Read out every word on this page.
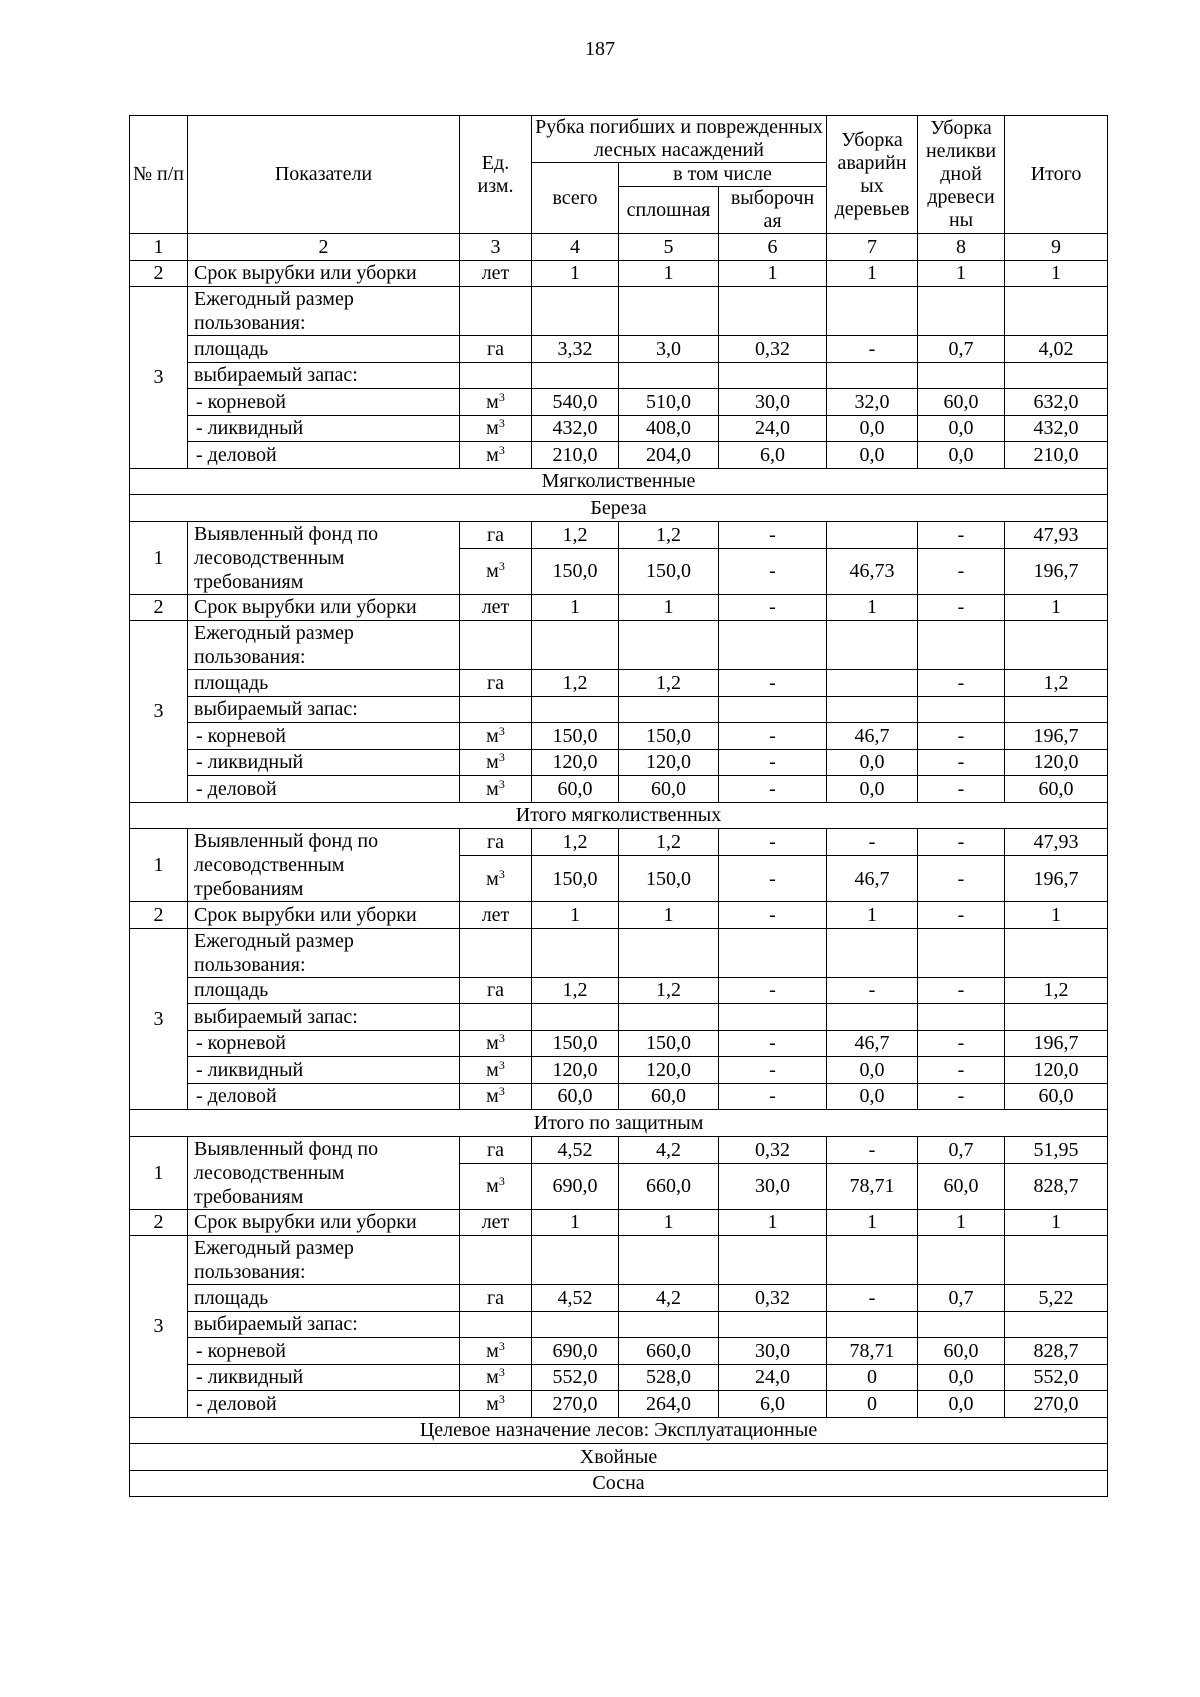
187
№ п/п	Показатели	Ед. изм.	Рубка погибших и поврежденных лесных насаждений			Уборка аварийн ых деревьев	Уборка неликви дной древеси ны	Итого
			всего	в том числе				
				сплошная	выборочн ая			
1	2	3	4	5	6	7	8	9
2	Срок вырубки или уборки	лет	1	1	1	1	1	1
3	Ежегодный размер пользования:							
	площадь	га	3,32	3,0	0,32	-	0,7	4,02
	выбираемый запас:							
	- корневой	$м^3$	540,0	510,0	30,0	32,0	60,0	632,0
	- ликвидный	$м^3$	432,0	408,0	24,0	0,0	0,0	432,0
	- деловой	$м^3$	210,0	204,0	6,0	0,0	0,0	210,0
Мягколиственные								
Береза								
1	Выявленный фонд по лесоводственным требованиям	га	1,2	1,2	-		-	47,93
		$м^3$	150,0	150,0	-	46,73	-	196,7
2	Срок вырубки или уборки	лет	1	1	-	1	-	1
3	Ежегодный размер пользования:							
	площадь	га	1,2	1,2	-		-	1,2
	выбираемый запас:							
	- корневой	$м^3$	150,0	150,0	-	46,7	-	196,7
	- ликвидный	$м^3$	120,0	120,0	-	0,0	-	120,0
	- деловой	$м^3$	60,0	60,0	-	0,0	-	60,0
Итого мягколиственных								
1	Выявленный фонд по лесоводственным требованиям	га	1,2	1,2	-	-	-	47,93
		$м^3$	150,0	150,0	-	46,7	-	196,7
2	Срок вырубки или уборки	лет	1	1	-	1	-	1
3	Ежегодный размер пользования:							
	площадь	га	1,2	1,2	-	-	-	1,2
	выбираемый запас:							
	- корневой	$м^3$	150,0	150,0	-	46,7	-	196,7
	- ликвидный	$м^3$	120,0	120,0	-	0,0	-	120,0
	- деловой	$м^3$	60,0	60,0	-	0,0	-	60,0
Итого по защитным								
1	Выявленный фонд по лесоводственным требованиям	га	4,52	4,2	0,32	-	0,7	51,95
		$м^3$	690,0	660,0	30,0	78,71	60,0	828,7
2	Срок вырубки или уборки	лет	1	1	1	1	1	1
3	Ежегодный размер пользования:							
	площадь	га	4,52	4,2	0,32	-	0,7	5,22
	выбираемый запас:							
	- корневой	$м^3$	690,0	660,0	30,0	78,71	60,0	828,7
	- ликвидный	$м^3$	552,0	528,0	24,0	0	0,0	552,0
	- деловой	$м^3$	270,0	264,0	6,0	0	0,0	270,0
Целевое назначение лесов: Эксплуатационные								
Хвойные								
Сосна								
